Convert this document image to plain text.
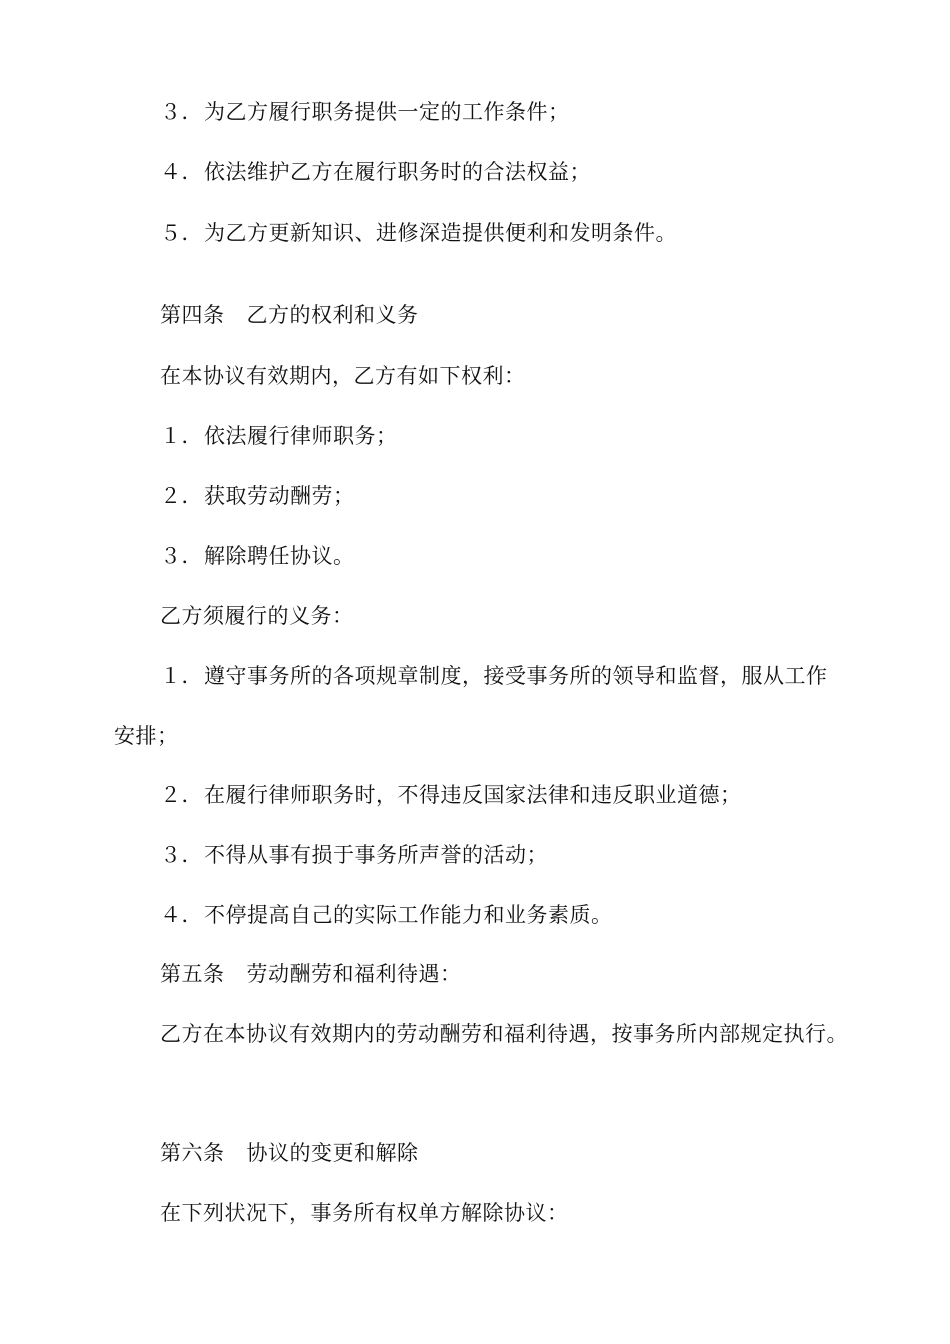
３．为乙方履行职务提供一定的工作条件；
４．依法维护乙方在履行职务时的合法权益；
５．为乙方更新知识、进修深造提供便利和发明条件。
第四条 乙方的权利和义务
在本协议有效期内，乙方有如下权利：
１．依法履行律师职务；
２．获取劳动酬劳；
３．解除聘任协议。
乙方须履行的义务：
１．遵守事务所的各项规章制度，接受事务所的领导和监督，服从工作
安排；
２．在履行律师职务时，不得违反国家法律和违反职业道德；
３．不得从事有损于事务所声誉的活动；
４．不停提高自己的实际工作能力和业务素质。
第五条 劳动酬劳和福利待遇：
乙方在本协议有效期内的劳动酬劳和福利待遇，按事务所内部规定执行。
第六条 协议的变更和解除
在下列状况下，事务所有权单方解除协议：
